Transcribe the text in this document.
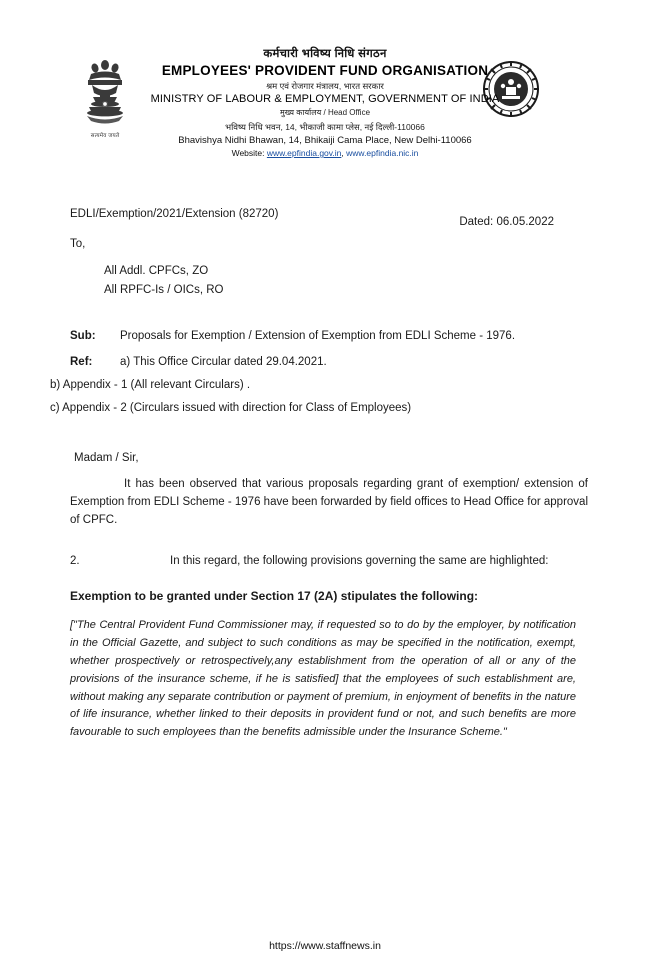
सत्यमेव जयते
कर्मचारी भविष्य निधि संगठन
EMPLOYEES' PROVIDENT FUND ORGANISATION
श्रम एवं रोजगार मंत्रालय, भारत सरकार
MINISTRY OF LABOUR & EMPLOYMENT, GOVERNMENT OF INDIA
मुख्य कार्यालय / Head Office
भविष्य निधि भवन, 14, भीकाजी कामा प्लेस, नई दिल्ली-110066
Bhavishya Nidhi Bhawan, 14, Bhikaiji Cama Place, New Delhi-110066
Website: www.epfindia.gov.in, www.epfindia.nic.in
EDLI/Exemption/2021/Extension (82720)
Dated: 06.05.2022
To,
All Addl. CPFCs, ZO
All RPFC-Is / OICs, RO
Sub:	Proposals for Exemption / Extension of Exemption from EDLI Scheme - 1976.
Ref:	a) This Office Circular dated 29.04.2021.
b) Appendix - 1 (All relevant Circulars) .
c) Appendix - 2 (Circulars issued with direction for Class of Employees)
Madam / Sir,
It has been observed that various proposals regarding grant of exemption/ extension of Exemption from EDLI Scheme - 1976 have been forwarded by field offices to Head Office for approval of CPFC.
2.	In this regard, the following provisions governing the same are highlighted:
Exemption to be granted under Section 17 (2A) stipulates the following:
["The Central Provident Fund Commissioner may, if requested so to do by the employer, by notification in the Official Gazette, and subject to such conditions as may be specified in the notification, exempt, whether prospectively or retrospectively,any establishment from the operation of all or any of the provisions of the insurance scheme, if he is satisfied] that the employees of such establishment are, without making any separate contribution or payment of premium, in enjoyment of benefits in the nature of life insurance, whether linked to their deposits in provident fund or not, and such benefits are more favourable to such employees than the benefits admissible under the Insurance Scheme."
https://www.staffnews.in
